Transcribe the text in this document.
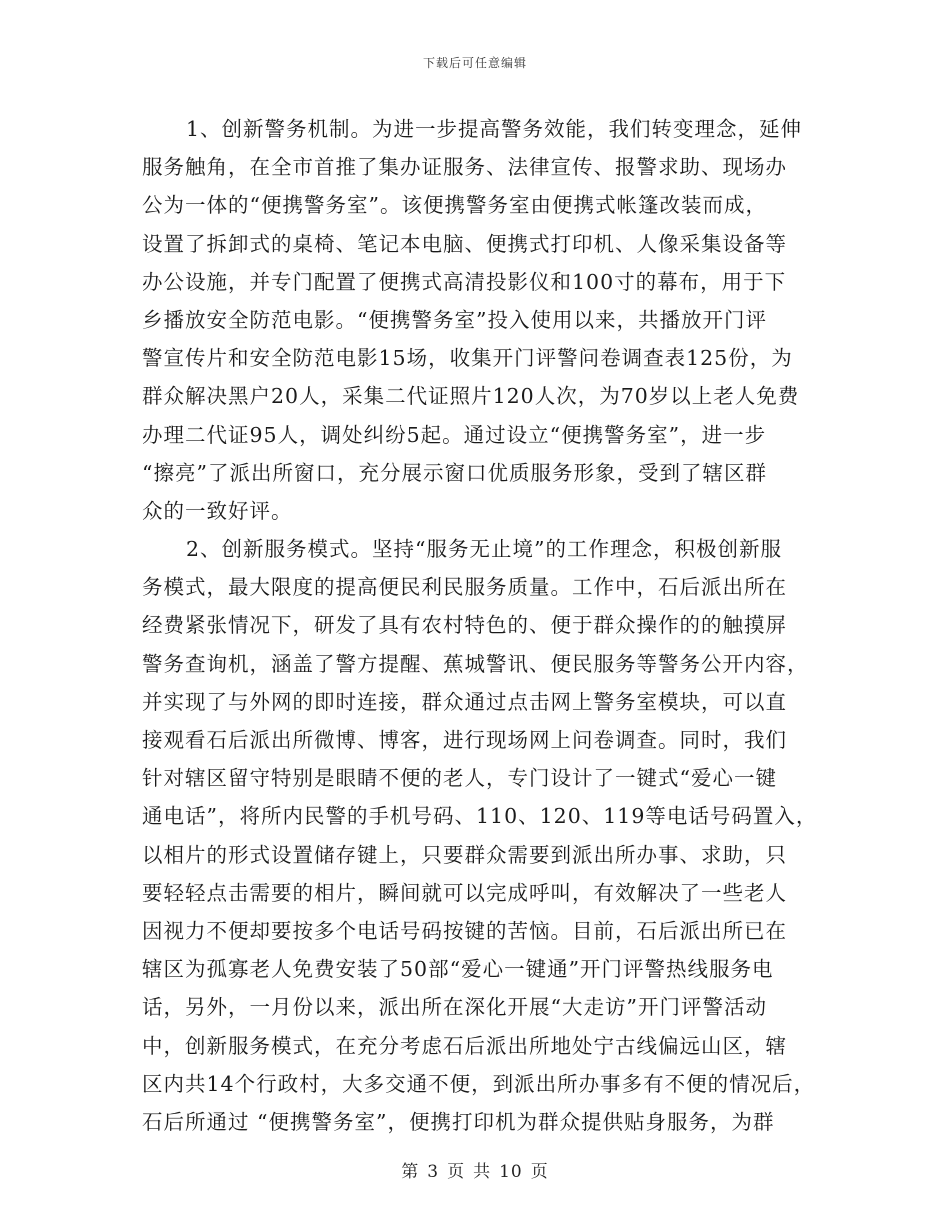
下载后可任意编辑
1、创新警务机制。为进一步提高警务效能，我们转变理念，延伸
服务触角，在全市首推了集办证服务、法律宣传、报警求助、现场办
公为一体的“便携警务室”。该便携警务室由便携式帐篷改装而成，
设置了拆卸式的桌椅、笔记本电脑、便携式打印机、人像采集设备等
办公设施，并专门配置了便携式高清投影仪和100寸的幕布，用于下
乡播放安全防范电影。“便携警务室”投入使用以来，共播放开门评
警宣传片和安全防范电影15场，收集开门评警问卷调查表125份，为
群众解决黑户20人，采集二代证照片120人次，为70岁以上老人免费
办理二代证95人，调处纠纷5起。通过设立“便携警务室”，进一步
“擦亮”了派出所窗口，充分展示窗口优质服务形象，受到了辖区群
众的一致好评。
2、创新服务模式。坚持“服务无止境”的工作理念，积极创新服
务模式，最大限度的提高便民利民服务质量。工作中，石后派出所在
经费紧张情况下，研发了具有农村特色的、便于群众操作的的触摸屏
警务查询机，涵盖了警方提醒、蕉城警讯、便民服务等警务公开内容，
并实现了与外网的即时连接，群众通过点击网上警务室模块，可以直
接观看石后派出所微博、博客，进行现场网上问卷调查。同时，我们
针对辖区留守特别是眼睛不便的老人，专门设计了一键式“爱心一键
通电话”，将所内民警的手机号码、110、120、119等电话号码置入，
以相片的形式设置储存键上，只要群众需要到派出所办事、求助，只
要轻轻点击需要的相片，瞬间就可以完成呼叫，有效解决了一些老人
因视力不便却要按多个电话号码按键的苦恼。目前，石后派出所已在
辖区为孤寡老人免费安装了50部“爱心一键通”开门评警热线服务电
话，另外，一月份以来，派出所在深化开展“大走访”开门评警活动
中，创新服务模式，在充分考虑石后派出所地处宁古线偏远山区，辖
区内共14个行政村，大多交通不便，到派出所办事多有不便的情况后，
石后所通过 “便携警务室”，便携打印机为群众提供贴身服务，为群
第 3 页 共 10 页
